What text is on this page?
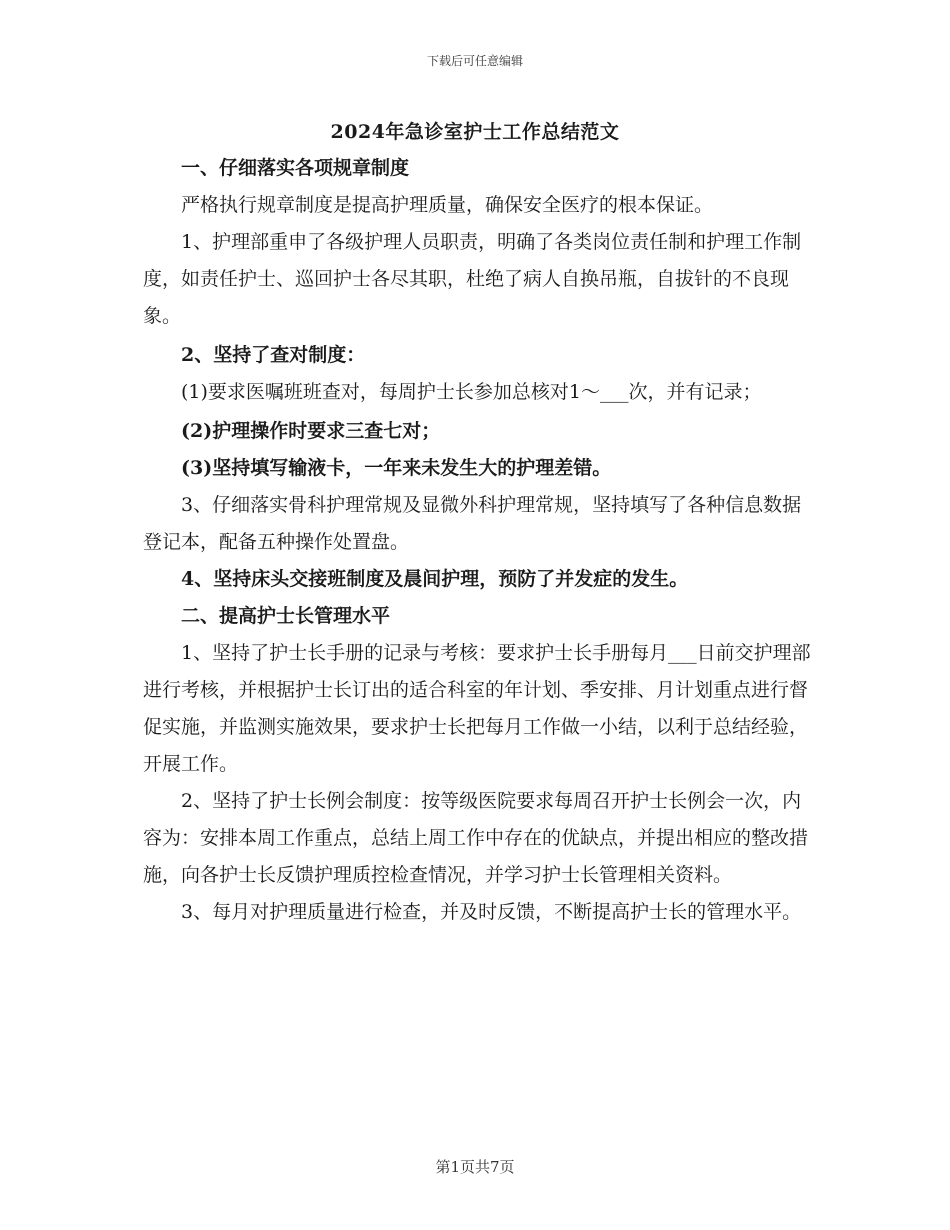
下载后可任意编辑
2024年急诊室护士工作总结范文

一、仔细落实各项规章制度

严格执行规章制度是提高护理质量，确保安全医疗的根本保证。

1、护理部重申了各级护理人员职责，明确了各类岗位责任制和护理工作制度，如责任护士、巡回护士各尽其职，杜绝了病人自换吊瓶，自拔针的不良现象。

2、坚持了查对制度：

(1)要求医嘱班班查对，每周护士长参加总核对1～___次，并有记录；

(2)护理操作时要求三查七对；

(3)坚持填写输液卡，一年来未发生大的护理差错。

3、仔细落实骨科护理常规及显微外科护理常规，坚持填写了各种信息数据登记本，配备五种操作处置盘。

4、坚持床头交接班制度及晨间护理，预防了并发症的发生。

二、提高护士长管理水平

1、坚持了护士长手册的记录与考核：要求护士长手册每月___日前交护理部进行考核，并根据护士长订出的适合科室的年计划、季安排、月计划重点进行督促实施，并监测实施效果，要求护士长把每月工作做一小结，以利于总结经验，开展工作。

2、坚持了护士长例会制度：按等级医院要求每周召开护士长例会一次，内容为：安排本周工作重点，总结上周工作中存在的优缺点，并提出相应的整改措施，向各护士长反馈护理质控检查情况，并学习护士长管理相关资料。

3、每月对护理质量进行检查，并及时反馈，不断提高护士长的管理水平。

第1页共7页
